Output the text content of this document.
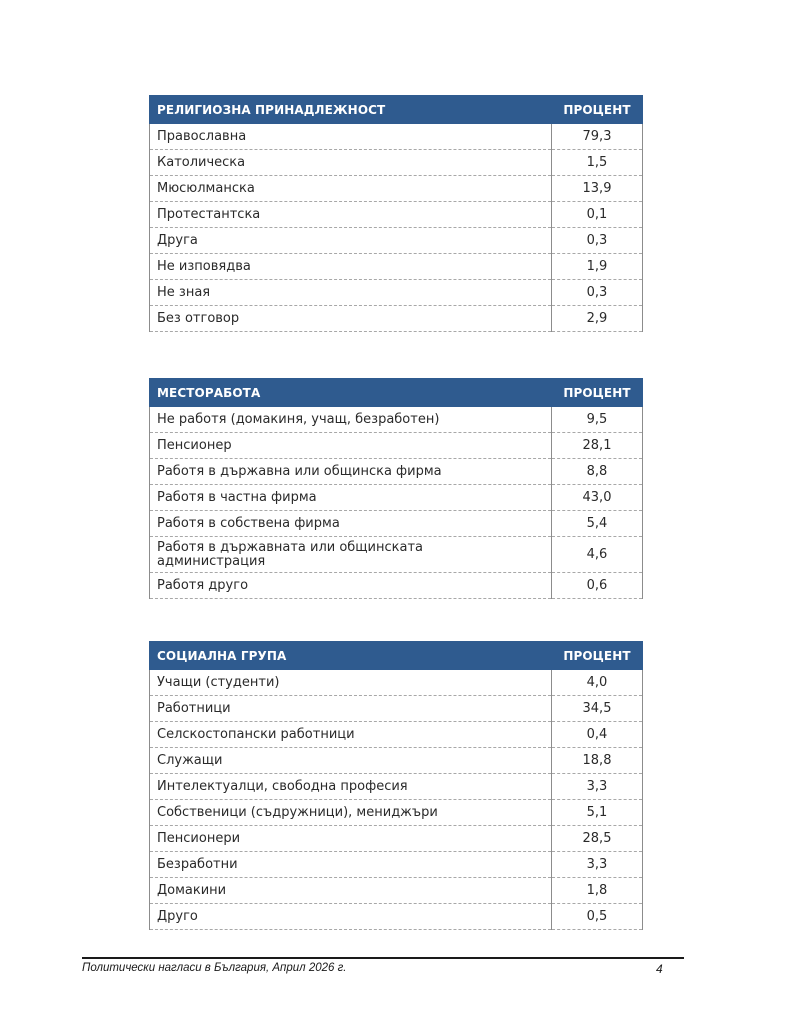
РЕЛИГИОЗНА ПРИНАДЛЕЖНОСТ	ПРОЦЕНТ
Православна	79,3
Католическа	1,5
Мюсюлманска	13,9
Протестантска	0,1
Друга	0,3
Не изповядва	1,9
Не зная	0,3
Без отговор	2,9
МЕСТОРАБОТА	ПРОЦЕНТ
Не работя (домакиня, учащ, безработен)	9,5
Пенсионер	28,1
Работя в държавна или общинска фирма	8,8
Работя в частна фирма	43,0
Работя в собствена фирма	5,4
Работя в държавната или общинската администрация	4,6
Работя друго	0,6
СОЦИАЛНА ГРУПА	ПРОЦЕНТ
Учащи (студенти)	4,0
Работници	34,5
Селскостопански работници	0,4
Служащи	18,8
Интелектуалци, свободна професия	3,3
Собственици (съдружници), мениджъри	5,1
Пенсионери	28,5
Безработни	3,3
Домакини	1,8
Друго	0,5
Политически нагласи в България, Април 2026 г.	4
